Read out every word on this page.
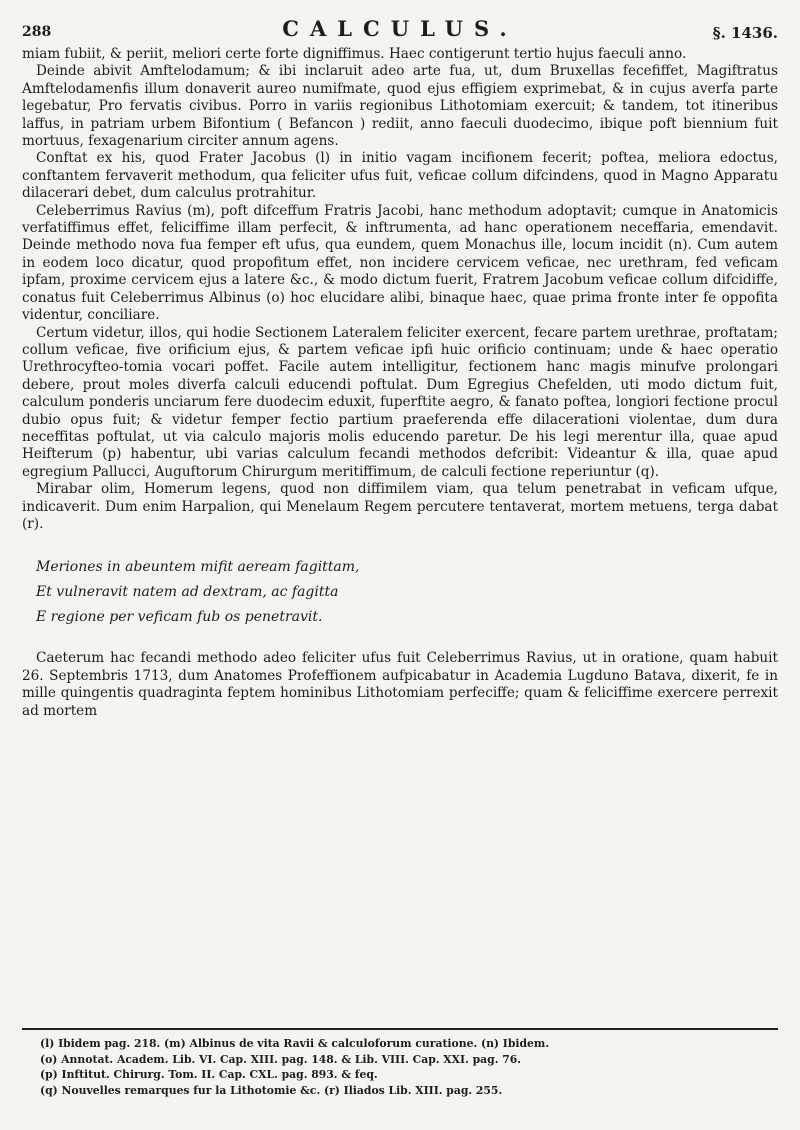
288	CALCULUS.	§. 1436.

miam fubiit, & periit, meliori certe forte digniffimus. Haec contigerunt tertio hujus faeculi anno.

Deinde abivit Amftelodamum; & ibi inclaruit adeo arte fua, ut, dum Bruxellas fecefiffet, Magiftratus Amftelodamenfis illum donaverit aureo numifmate, quod ejus effigiem exprimebat, & in cujus averfa parte legebatur, Pro fervatis civibus. Porro in variis regionibus Lithotomiam exercuit; & tandem, tot itineribus laffus, in patriam urbem Bifontium ( Befancon ) rediit, anno faeculi duodecimo, ibique poft biennium fuit mortuus, fexagenarium circiter annum agens.

Conftat ex his, quod Frater Jacobus (l) in initio vagam incifionem fecerit; poftea, meliora edoctus, conftantem fervaverit methodum, qua feliciter ufus fuit, veficae collum difcindens, quod in Magno Apparatu dilacerari debet, dum calculus protrahitur.

Celeberrimus Ravius (m), poft difceffum Fratris Jacobi, hanc methodum adoptavit; cumque in Anatomicis verfatiffimus effet, feliciffime illam perfecit, & inftrumenta, ad hanc operationem neceffaria, emendavit. Deinde methodo nova fua femper eft ufus, qua eundem, quem Monachus ille, locum incidit (n). Cum autem in eodem loco dicatur, quod propofitum effet, non incidere cervicem veficae, nec urethram, fed veficam ipfam, proxime cervicem ejus a latere &c., & modo dictum fuerit, Fratrem Jacobum veficae collum difcidiffe, conatus fuit Celeberrimus Albinus (o) hoc elucidare alibi, binaque haec, quae prima fronte inter fe oppofita videntur, conciliare.

Certum videtur, illos, qui hodie Sectionem Lateralem feliciter exercent, fecare partem urethrae, proftatam; collum veficae, five orificium ejus, & partem veficae ipfi huic orificio continuam; unde & haec operatio Urethrocyfteo-tomia vocari poffet. Facile autem intelligitur, fectionem hanc magis minufve prolongari debere, prout moles diverfa calculi educendi poftulat. Dum Egregius Chefelden, uti modo dictum fuit, calculum ponderis unciarum fere duodecim eduxit, fuperftite aegro, & fanato poftea, longiori fectione procul dubio opus fuit; & videtur femper fectio partium praeferenda effe dilacerationi violentae, dum dura neceffitas poftulat, ut via calculo majoris molis educendo paretur. De his legi merentur illa, quae apud Heifterum (p) habentur, ubi varias calculum fecandi methodos defcribit: Videantur & illa, quae apud egregium Pallucci, Auguftorum Chirurgum meritiffimum, de calculi fectione reperiuntur (q).

Mirabar olim, Homerum legens, quod non diffimilem viam, qua telum penetrabat in veficam ufque, indicaverit. Dum enim Harpalion, qui Menelaum Regem percutere tentaverat, mortem metuens, terga dabat (r).

Meriones in abeuntem mifit aeream fagittam,
Et vulneravit natem ad dextram, ac fagitta
E regione per veficam fub os penetravit.

Caeterum hac fecandi methodo adeo feliciter ufus fuit Celeberrimus Ravius, ut in oratione, quam habuit 26. Septembris 1713, dum Anatomes Profeffionem aufpicabatur in Academia Lugduno Batava, dixerit, fe in mille quingentis quadraginta feptem hominibus Lithotomiam perfeciffe; quam & feliciffime exercere perrexit ad mortem

(l) Ibidem pag. 218. (m) Albinus de vita Ravii & calculoforum curatione. (n) Ibidem.
(o) Annotat. Academ. Lib. VI. Cap. XIII. pag. 148. & Lib. VIII. Cap. XXI. pag. 76.
(p) Inftitut. Chirurg. Tom. II. Cap. CXL. pag. 893. & feq.
(q) Nouvelles remarques fur la Lithotomie &c. (r) Iliados Lib. XIII. pag. 255.
